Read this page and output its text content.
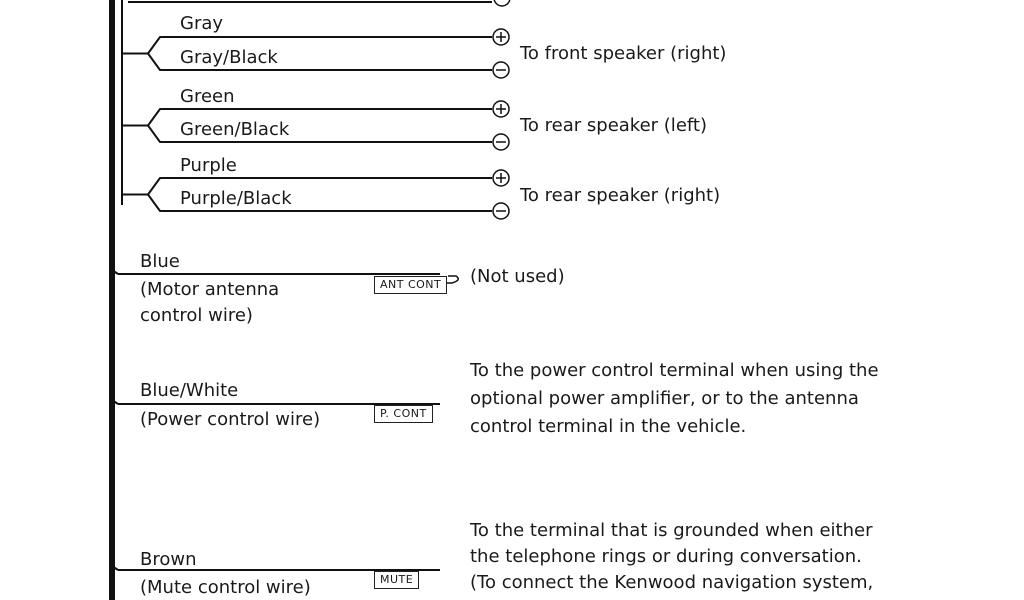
Gray
Gray/Black	To front speaker (right)
Green
Green/Black	To rear speaker (left)
Purple
Purple/Black	To rear speaker (right)
Blue
(Motor antenna
control wire)
ANT CONT	(Not used)
Blue/White
(Power control wire)	P. CONT
To the power control terminal when using the
optional power amplifier, or to the antenna
control terminal in the vehicle.
Brown
(Mute control wire)	MUTE
To the terminal that is grounded when either
the telephone rings or during conversation.
(To connect the Kenwood navigation system,
